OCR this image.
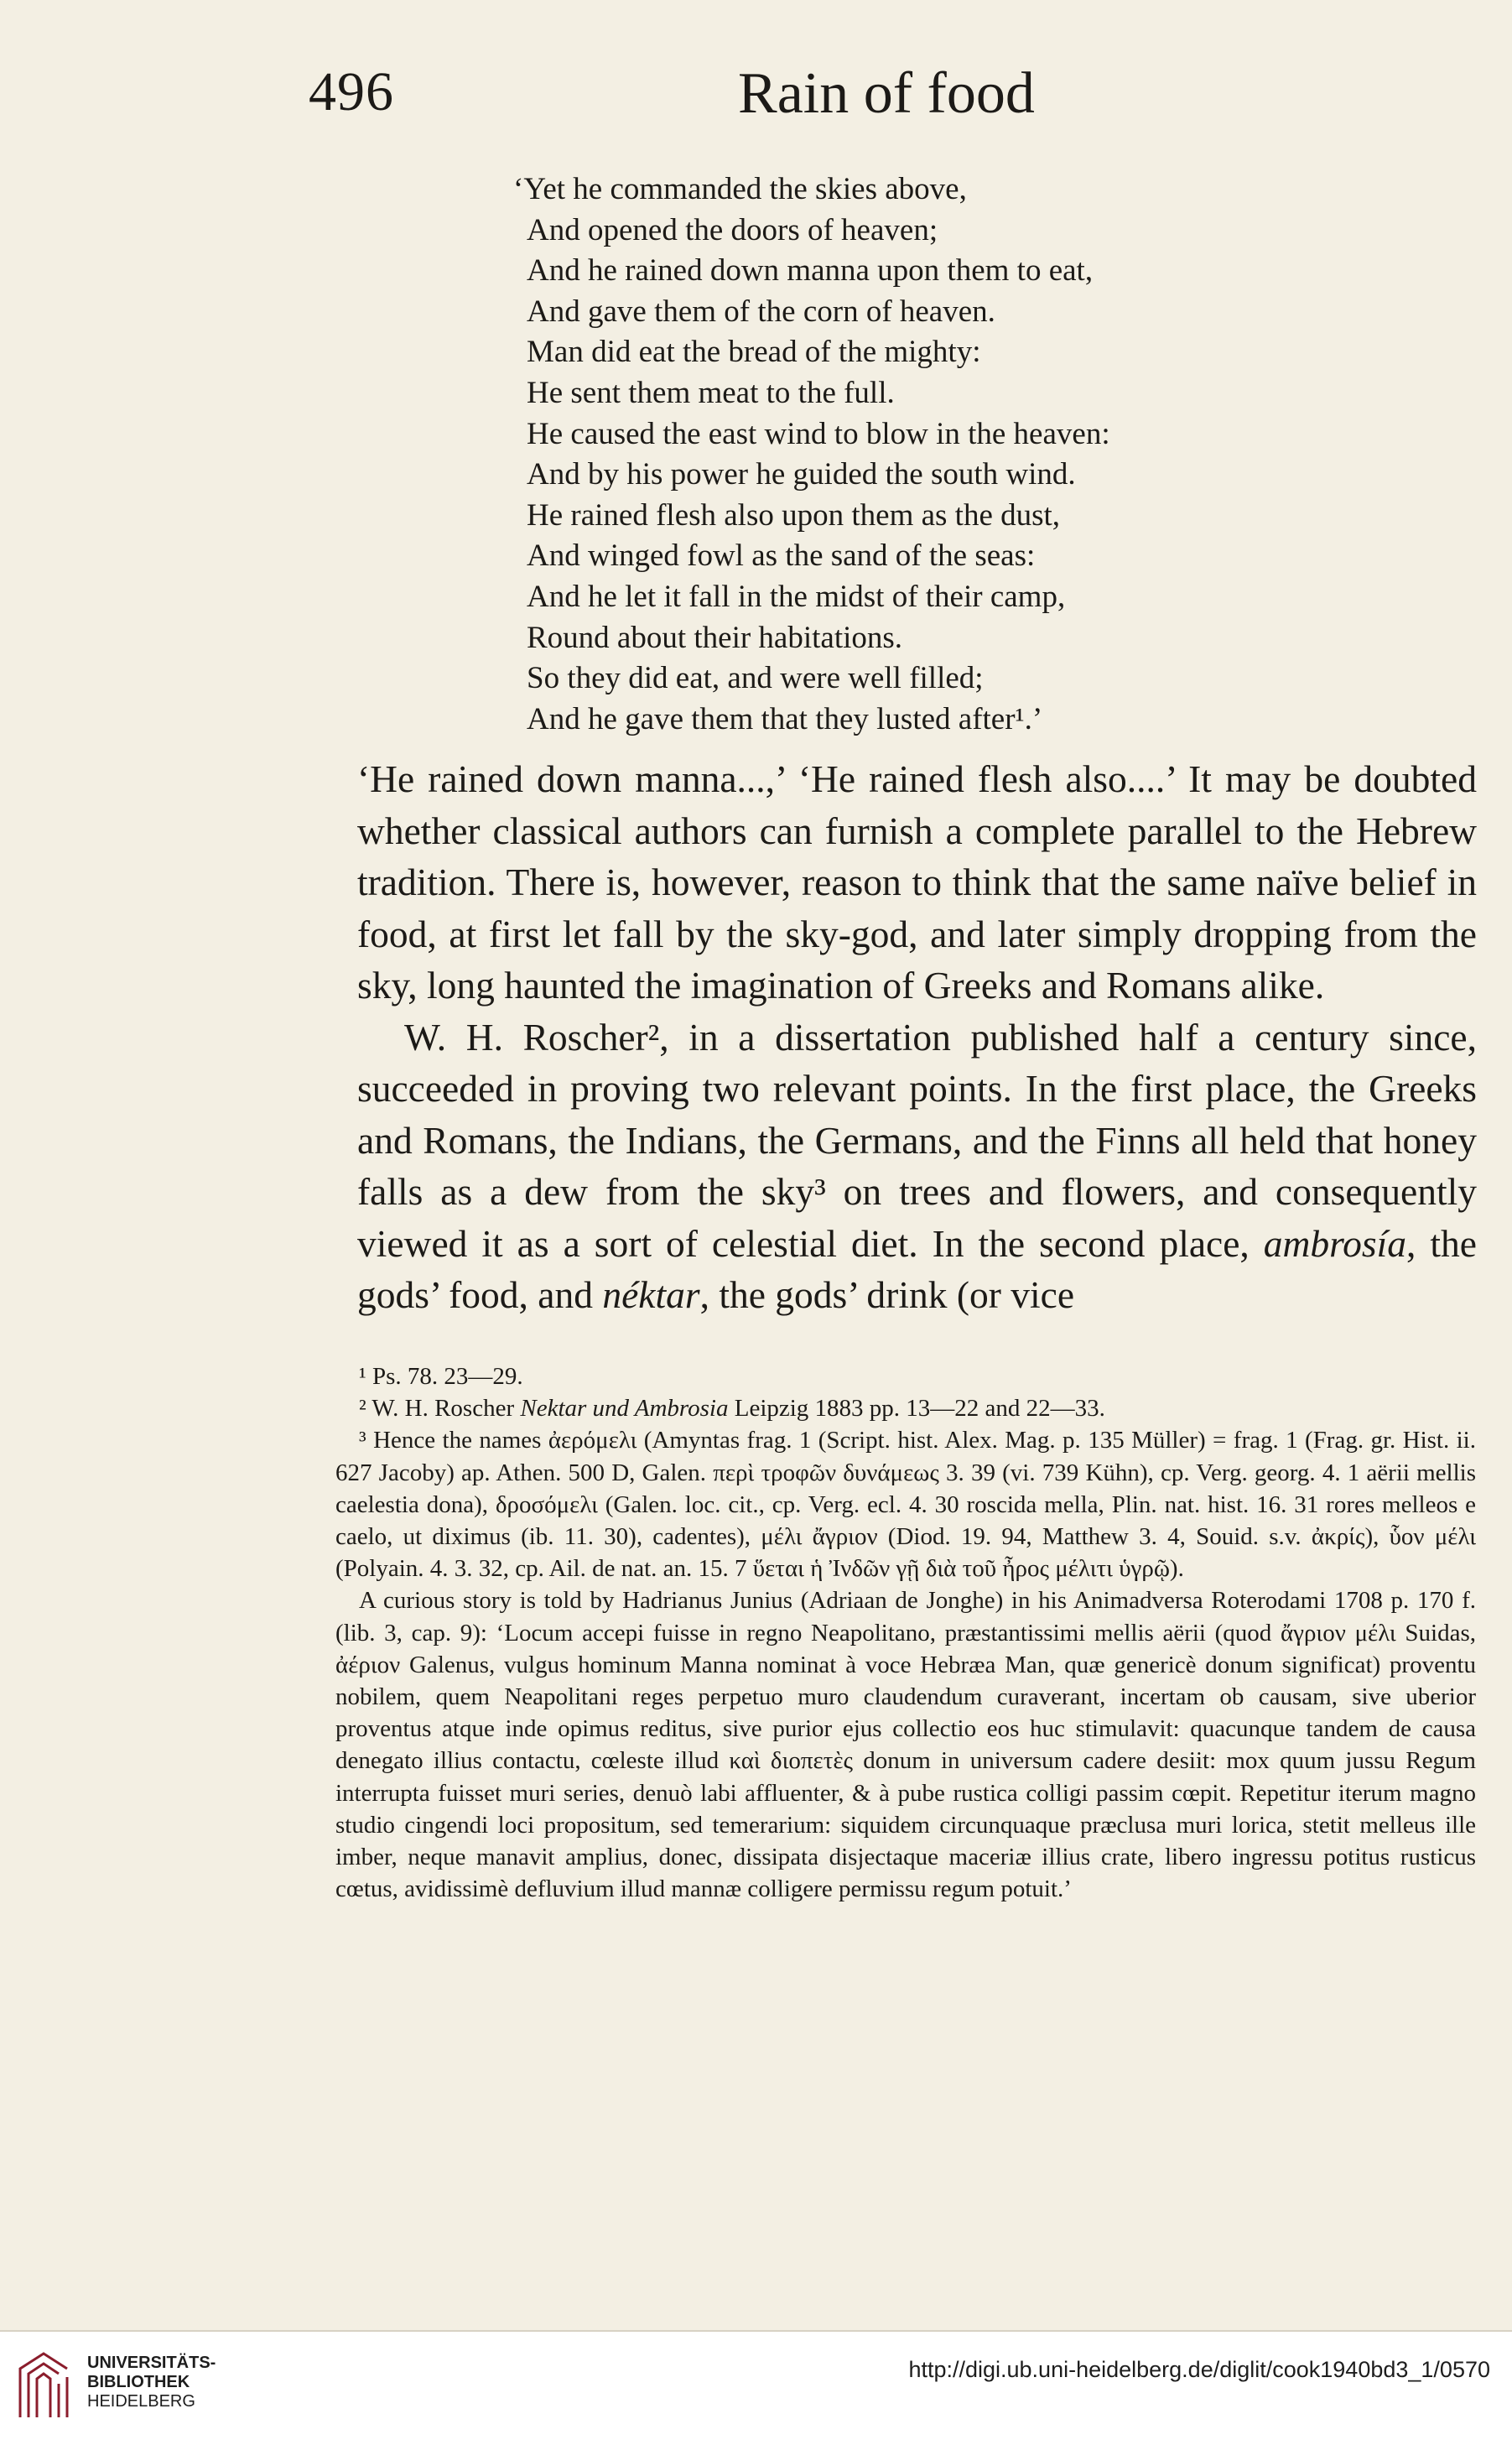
496	Rain of food
‘Yet he commanded the skies above,
And opened the doors of heaven;
And he rained down manna upon them to eat,
And gave them of the corn of heaven.
Man did eat the bread of the mighty:
He sent them meat to the full.
He caused the east wind to blow in the heaven:
And by his power he guided the south wind.
He rained flesh also upon them as the dust,
And winged fowl as the sand of the seas:
And he let it fall in the midst of their camp,
Round about their habitations.
So they did eat, and were well filled;
And he gave them that they lusted after¹.’

‘He rained down manna...,’ ‘He rained flesh also....’ It may be doubted whether classical authors can furnish a complete parallel to the Hebrew tradition. There is, however, reason to think that the same naïve belief in food, at first let fall by the sky-god, and later simply dropping from the sky, long haunted the imagination of Greeks and Romans alike.

W. H. Roscher², in a dissertation published half a century since, succeeded in proving two relevant points. In the first place, the Greeks and Romans, the Indians, the Germans, and the Finns all held that honey falls as a dew from the sky³ on trees and flowers, and consequently viewed it as a sort of celestial diet. In the second place, ambrosía, the gods’ food, and néktar, the gods’ drink (or vice

¹ Ps. 78. 23—29.

² W. H. Roscher Nektar und Ambrosia Leipzig 1883 pp. 13—22 and 22—33.

³ Hence the names ἀερόμελι (Amyntas frag. 1 (Script. hist. Alex. Mag. p. 135 Müller) = frag. 1 (Frag. gr. Hist. ii. 627 Jacoby) ap. Athen. 500 D, Galen. περὶ τροφῶν δυνάμεως 3. 39 (vi. 739 Kühn), cp. Verg. georg. 4. 1 aërii mellis caelestia dona), δροσόμελι (Galen. loc. cit., cp. Verg. ecl. 4. 30 roscida mella, Plin. nat. hist. 16. 31 rores melleos e caelo, ut diximus (ib. 11. 30), cadentes), μέλι ἄγριον (Diod. 19. 94, Matthew 3. 4, Souid. s.v. ἀκρίς), ὗον μέλι (Polyain. 4. 3. 32, cp. Ail. de nat. an. 15. 7 ὕεται ἡ Ἰνδῶν γῇ διὰ τοῦ ἦρος μέλιτι ὑγρῷ).

A curious story is told by Hadrianus Junius (Adriaan de Jonghe) in his Animadversa Roterodami 1708 p. 170 f. (lib. 3, cap. 9): ‘Locum accepi fuisse in regno Neapolitano, præstantissimi mellis aërii (quod ἄγριον μέλι Suidas, ἀέριον Galenus, vulgus hominum Manna nominat à voce Hebræa Man, quæ genericè donum significat) proventu nobilem, quem Neapolitani reges perpetuo muro claudendum curaverant, incertam ob causam, sive uberior proventus atque inde opimus reditus, sive purior ejus collectio eos huc stimulavit: quacunque tandem de causa denegato illius contactu, cœleste illud καὶ διοπετὲς donum in universum cadere desiit: mox quum jussu Regum interrupta fuisset muri series, denuò labi affluenter, & à pube rustica colligi passim cœpit. Repetitur iterum magno studio cingendi loci propositum, sed temerarium: siquidem circunquaque præclusa muri lorica, stetit melleus ille imber, neque manavit amplius, donec, dissipata disjectaque maceriæ illius crate, libero ingressu potitus rusticus cœtus, avidissimè defluvium illud mannæ colligere permissu regum potuit.’

UNIVERSITÄTS-
BIBLIOTHEK
HEIDELBERG
http://digi.ub.uni-heidelberg.de/diglit/cook1940bd3_1/0570
